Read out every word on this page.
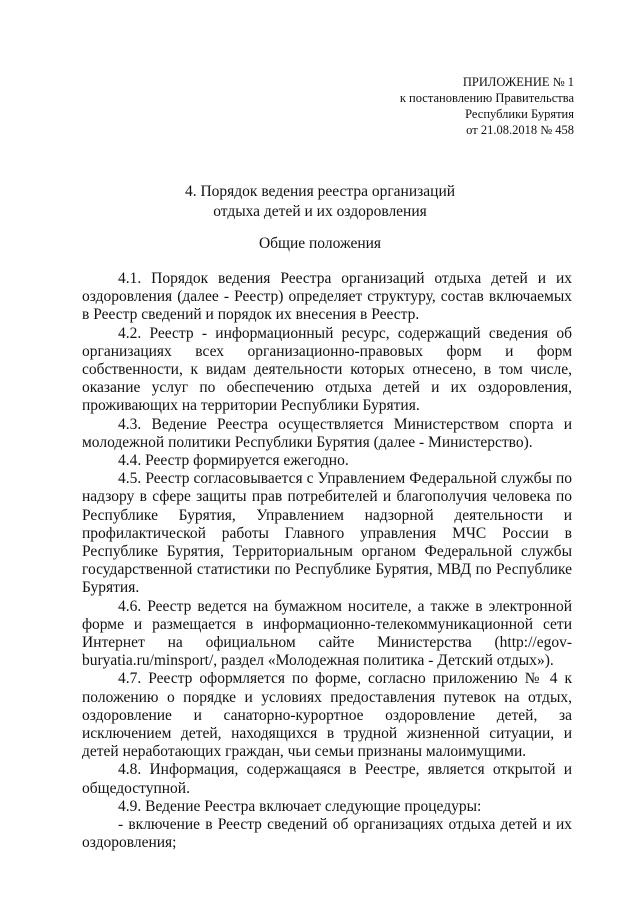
ПРИЛОЖЕНИЕ № 1
к постановлению Правительства
Республики Бурятия
от 21.08.2018 № 458
4. Порядок ведения реестра организаций
отдыха детей и их оздоровления
Общие положения

4.1. Порядок ведения Реестра организаций отдыха детей и их оздоровления (далее - Реестр) определяет структуру, состав включаемых в Реестр сведений и порядок их внесения в Реестр.

4.2. Реестр - информационный ресурс, содержащий сведения об организациях всех организационно-правовых форм и форм собственности, к видам деятельности которых отнесено, в том числе, оказание услуг по обеспечению отдыха детей и их оздоровления, проживающих на территории Республики Бурятия.

4.3. Ведение Реестра осуществляется Министерством спорта и молодежной политики Республики Бурятия (далее - Министерство).

4.4. Реестр формируется ежегодно.

4.5. Реестр согласовывается с Управлением Федеральной службы по надзору в сфере защиты прав потребителей и благополучия человека по Республике Бурятия, Управлением надзорной деятельности и профилактической работы Главного управления МЧС России в Республике Бурятия, Территориальным органом Федеральной службы государственной статистики по Республике Бурятия, МВД по Республике Бурятия.

4.6. Реестр ведется на бумажном носителе, а также в электронной форме и размещается в информационно-телекоммуникационной сети Интернет на официальном сайте Министерства (http://egov-buryatia.ru/minsport/, раздел «Молодежная политика - Детский отдых»).

4.7. Реестр оформляется по форме, согласно приложению № 4 к положению о порядке и условиях предоставления путевок на отдых, оздоровление и санаторно-курортное оздоровление детей, за исключением детей, находящихся в трудной жизненной ситуации, и детей неработающих граждан, чьи семьи признаны малоимущими.

4.8. Информация, содержащаяся в Реестре, является открытой и общедоступной.

4.9. Ведение Реестра включает следующие процедуры:

- включение в Реестр сведений об организациях отдыха детей и их оздоровления;
